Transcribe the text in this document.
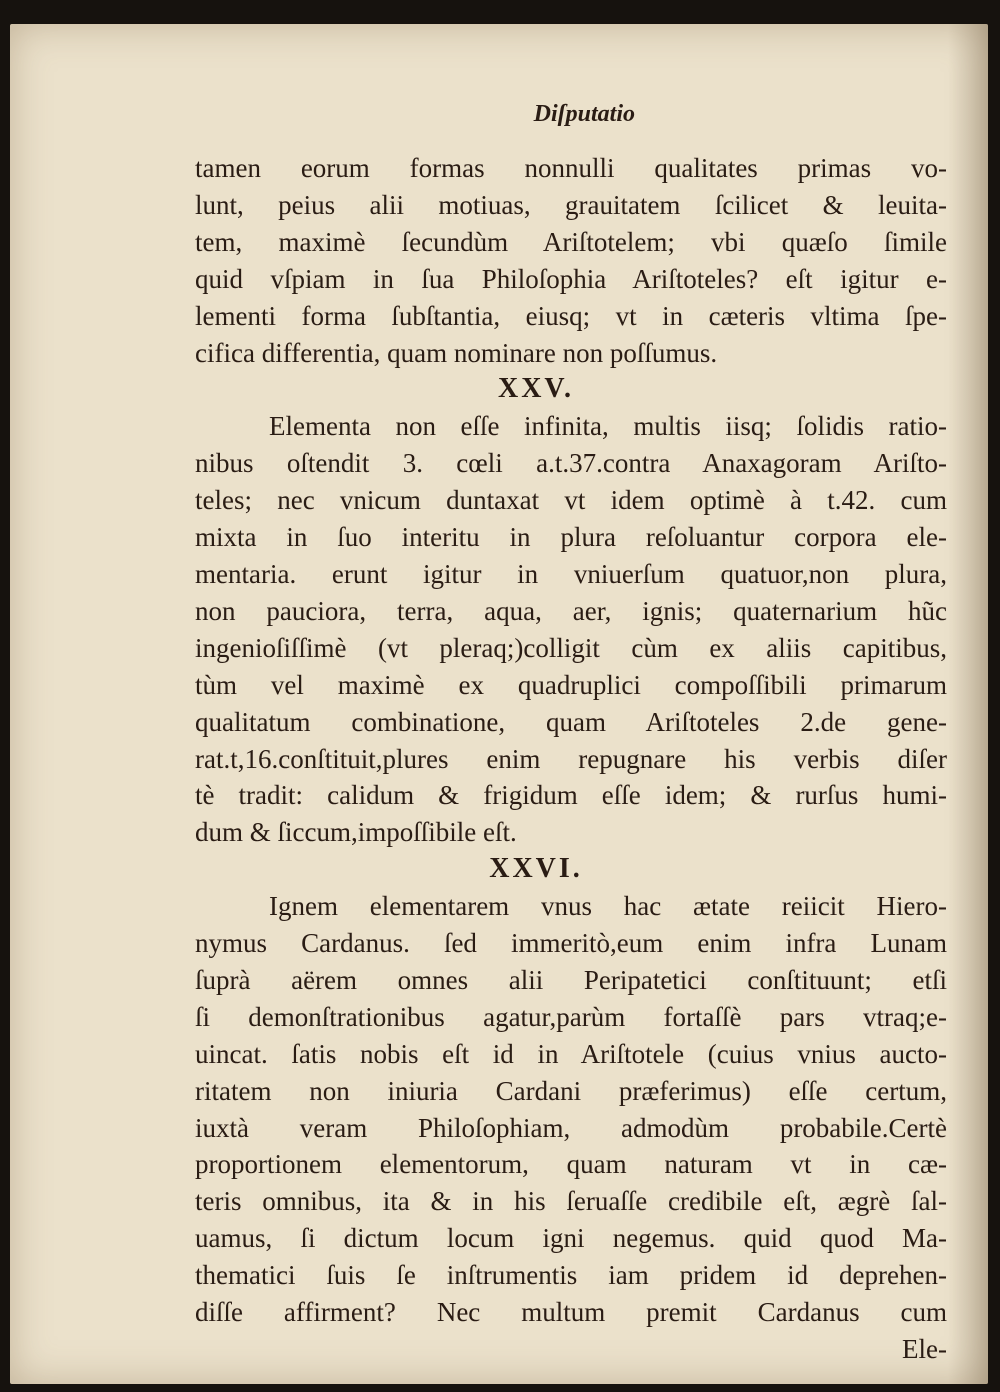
Diſputatio
tamen eorum formas nonnulli qualitates primas vo-
lunt, peius alii motiuas, grauitatem ſcilicet & leuita-
tem, maximè ſecundùm Ariſtotelem; vbi quæſo ſimile
quid vſpiam in ſua Philoſophia Ariſtoteles? eſt igitur e-
lementi forma ſubſtantia, eiusq; vt in cæteris vltima ſpe-
cifica differentia, quam nominare non poſſumus.
XXV.
Elementa non eſſe infinita, multis iisq; ſolidis ratio-
nibus oſtendit 3. cœli a.t.37.contra Anaxagoram Ariſto-
teles; nec vnicum duntaxat vt idem optimè à t.42. cum
mixta in ſuo interitu in plura reſoluantur corpora ele-
mentaria. erunt igitur in vniuerſum quatuor,non plura,
non pauciora, terra, aqua, aer, ignis; quaternarium hũc
ingenioſiſſimè (vt pleraq;)colligit cùm ex aliis capitibus,
tùm vel maximè ex quadruplici compoſſibili primarum
qualitatum combinatione, quam Ariſtoteles 2.de gene-
rat.t,16.conſtituit,plures enim repugnare his verbis diſer
tè tradit: calidum & frigidum eſſe idem; & rurſus humi-
dum & ſiccum,impoſſibile eſt.
XXVI.
Ignem elementarem vnus hac ætate reiicit Hiero-
nymus Cardanus. ſed immeritò,eum enim infra Lunam
ſuprà aërem omnes alii Peripatetici conſtituunt; etſi
ſi demonſtrationibus agatur,parùm fortaſſè pars vtraq;e-
uincat. ſatis nobis eſt id in Ariſtotele (cuius vnius aucto-
ritatem non iniuria Cardani præferimus) eſſe certum,
iuxtà veram Philoſophiam, admodùm probabile.Certè
proportionem elementorum, quam naturam vt in cæ-
teris omnibus, ita & in his ſeruaſſe credibile eſt, ægrè ſal-
uamus, ſi dictum locum igni negemus. quid quod Ma-
thematici ſuis ſe inſtrumentis iam pridem id deprehen-
diſſe affirment? Nec multum premit Cardanus cum
Ele-
